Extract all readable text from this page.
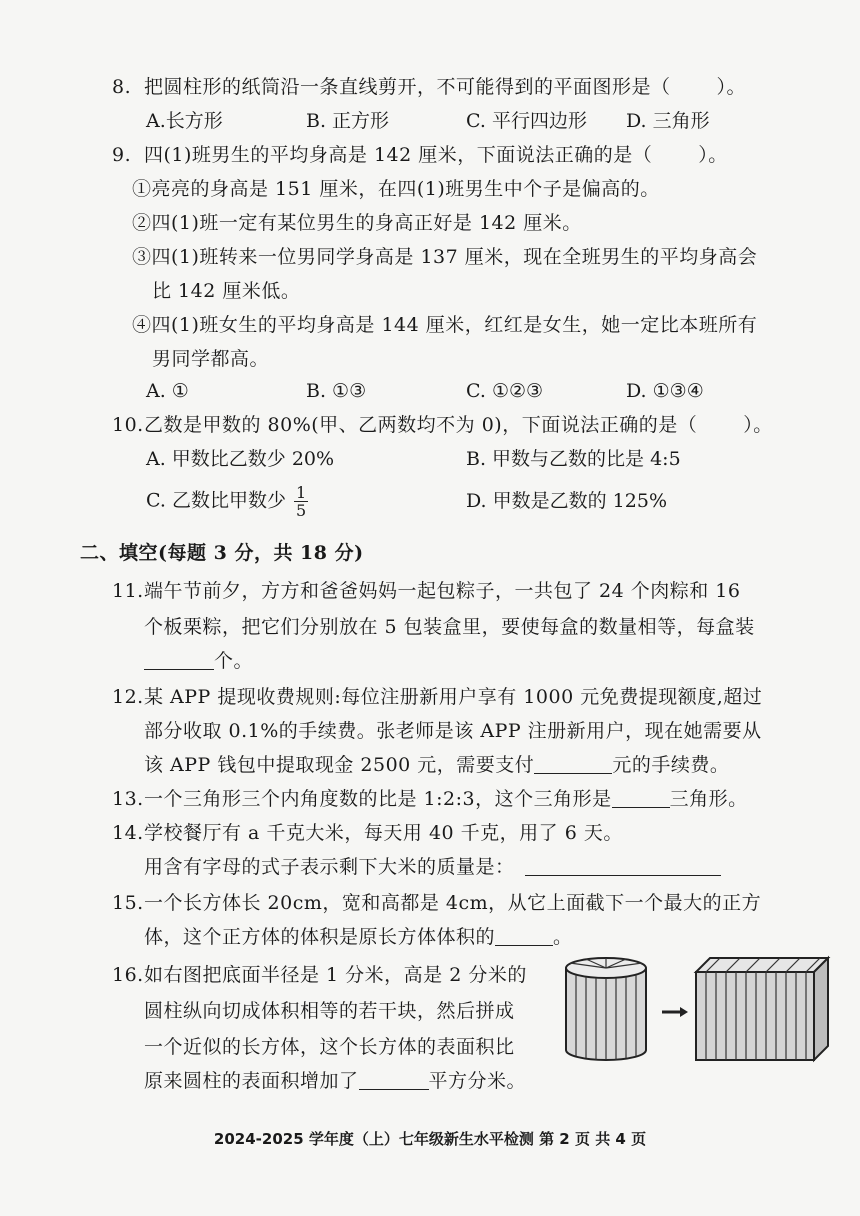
8. 把圆柱形的纸筒沿一条直线剪开，不可能得到的平面图形是（ ）。
A.长方形	B. 正方形	C. 平行四边形 D. 三角形
9. 四(1)班男生的平均身高是 142 厘米，下面说法正确的是（ ）。
①亮亮的身高是 151 厘米，在四(1)班男生中个子是偏高的。
②四(1)班一定有某位男生的身高正好是 142 厘米。
③四(1)班转来一位男同学身高是 137 厘米，现在全班男生的平均身高会
比 142 厘米低。
④四(1)班女生的平均身高是 144 厘米，红红是女生，她一定比本班所有
男同学都高。
A. ①	B. ①③	C. ①②③	D. ①③④
10.乙数是甲数的 80%(甲、乙两数均不为 0)，下面说法正确的是（ ）。
A. 甲数比乙数少 20%	B. 甲数与乙数的比是 4:5
C. 乙数比甲数少 $\frac{1}{5}$	D. 甲数是乙数的 125%
二、填空(每题 3 分，共 18 分)
11.端午节前夕，方方和爸爸妈妈一起包粽子，一共包了 24 个肉粽和 16
个板栗粽，把它们分别放在 5 包装盒里，要使每盒的数量相等，每盒装
个。
12.某 APP 提现收费规则:每位注册新用户享有 1000 元免费提现额度,超过
部分收取 0.1%的手续费。张老师是该 APP 注册新用户，现在她需要从
该 APP 钱包中提取现金 2500 元，需要支付	元的手续费。
13.一个三角形三个内角度数的比是 1:2:3，这个三角形是	三角形。
14.学校餐厅有 a 千克大米，每天用 40 千克，用了 6 天。
用含有字母的式子表示剩下大米的质量是：
15.一个长方体长 20cm，宽和高都是 4cm，从它上面截下一个最大的正方
体，这个正方体的体积是原长方体体积的	。
16.如右图把底面半径是 1 分米，高是 2 分米的
圆柱纵向切成体积相等的若干块，然后拼成
一个近似的长方体，这个长方体的表面积比
原来圆柱的表面积增加了	平方分米。
2024-2025 学年度（上）七年级新生水平检测 第 2 页 共 4 页
